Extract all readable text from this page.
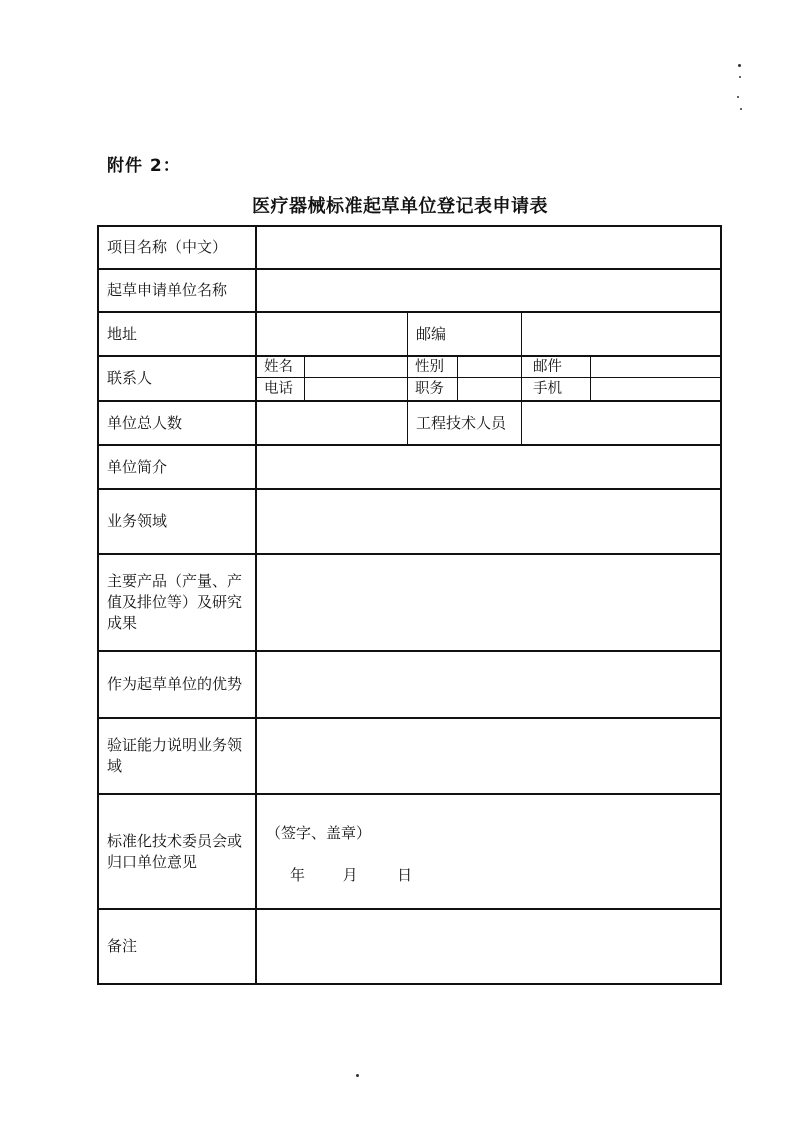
附件 2：
医疗器械标准起草单位登记表申请表
项目名称（中文）
起草申请单位名称
地址	邮编
联系人
姓名	性别	邮件
电话	职务	手机
单位总人数	工程技术人员
单位简介
业务领域
主要产品（产量、产
值及排位等）及研究
成果
作为起草单位的优势
验证能力说明业务领
域
标准化技术委员会或
归口单位意见
（签字、盖章）
年	月	日
备注
